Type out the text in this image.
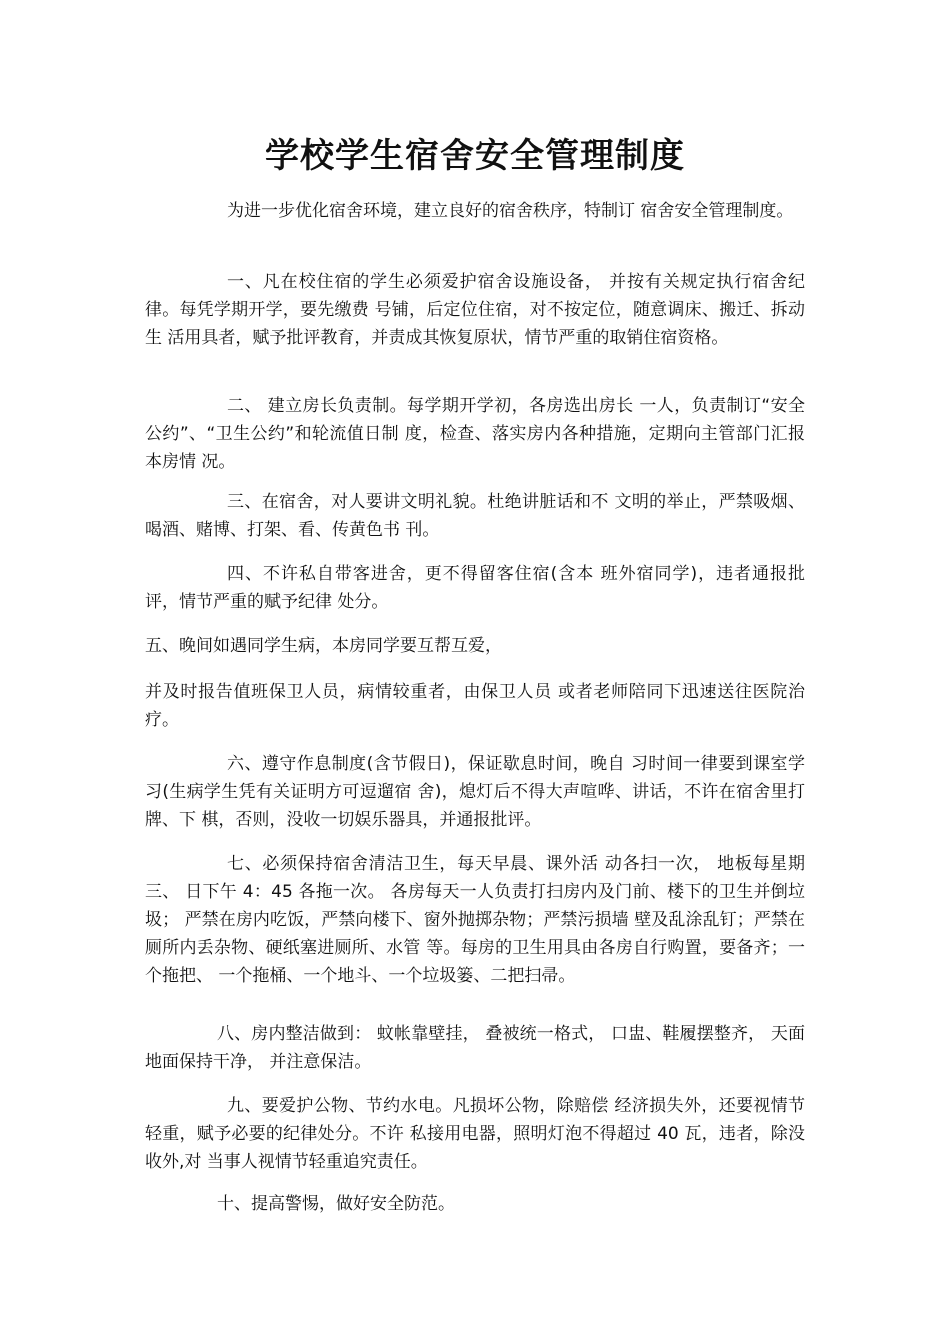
学校学生宿舍安全管理制度

为进一步优化宿舍环境，建立良好的宿舍秩序，特制订 宿舍安全管理制度。

一、凡在校住宿的学生必须爱护宿舍设施设备， 并按有关规定执行宿舍纪律。每凭学期开学，要先缴费 号铺，后定位住宿，对不按定位，随意调床、搬迁、拆动生 活用具者，赋予批评教育，并责成其恢复原状，情节严重的取销住宿资格。

二、 建立房长负责制。每学期开学初，各房选出房长 一人，负责制订“安全公约”、“卫生公约”和轮流值日制 度，检查、落实房内各种措施，定期向主管部门汇报本房情 况。

三、在宿舍，对人要讲文明礼貌。杜绝讲脏话和不 文明的举止，严禁吸烟、喝酒、赌博、打架、看、传黄色书 刊。

四、不许私自带客进舍，更不得留客住宿(含本 班外宿同学)，违者通报批评，情节严重的赋予纪律 处分。

五、晚间如遇同学生病，本房同学要互帮互爱，

并及时报告值班保卫人员，病情较重者，由保卫人员 或者老师陪同下迅速送往医院治疗。

六、遵守作息制度(含节假日)，保证歇息时间，晚自 习时间一律要到课室学习(生病学生凭有关证明方可逗遛宿 舍)，熄灯后不得大声喧哗、讲话，不许在宿舍里打牌、下 棋，否则，没收一切娱乐器具，并通报批评。

七、必须保持宿舍清洁卫生，每天早晨、课外活 动各扫一次， 地板每星期三、 日下午 4：45 各拖一次。 各房每天一人负责打扫房内及门前、楼下的卫生并倒垃圾； 严禁在房内吃饭，严禁向楼下、窗外抛掷杂物；严禁污损墙 壁及乱涂乱钉；严禁在厕所内丢杂物、硬纸塞进厕所、水管 等。每房的卫生用具由各房自行购置，要备齐；一个拖把、 一个拖桶、一个地斗、一个垃圾篓、二把扫帚。

八、房内整洁做到： 蚊帐靠壁挂， 叠被统一格式， 口盅、鞋履摆整齐， 天面地面保持干净， 并注意保洁。

九、要爱护公物、节约水电。凡损坏公物，除赔偿 经济损失外，还要视情节轻重，赋予必要的纪律处分。不许 私接用电器，照明灯泡不得超过 40 瓦，违者，除没收外,对 当事人视情节轻重追究责任。

十、提高警惕，做好安全防范。
